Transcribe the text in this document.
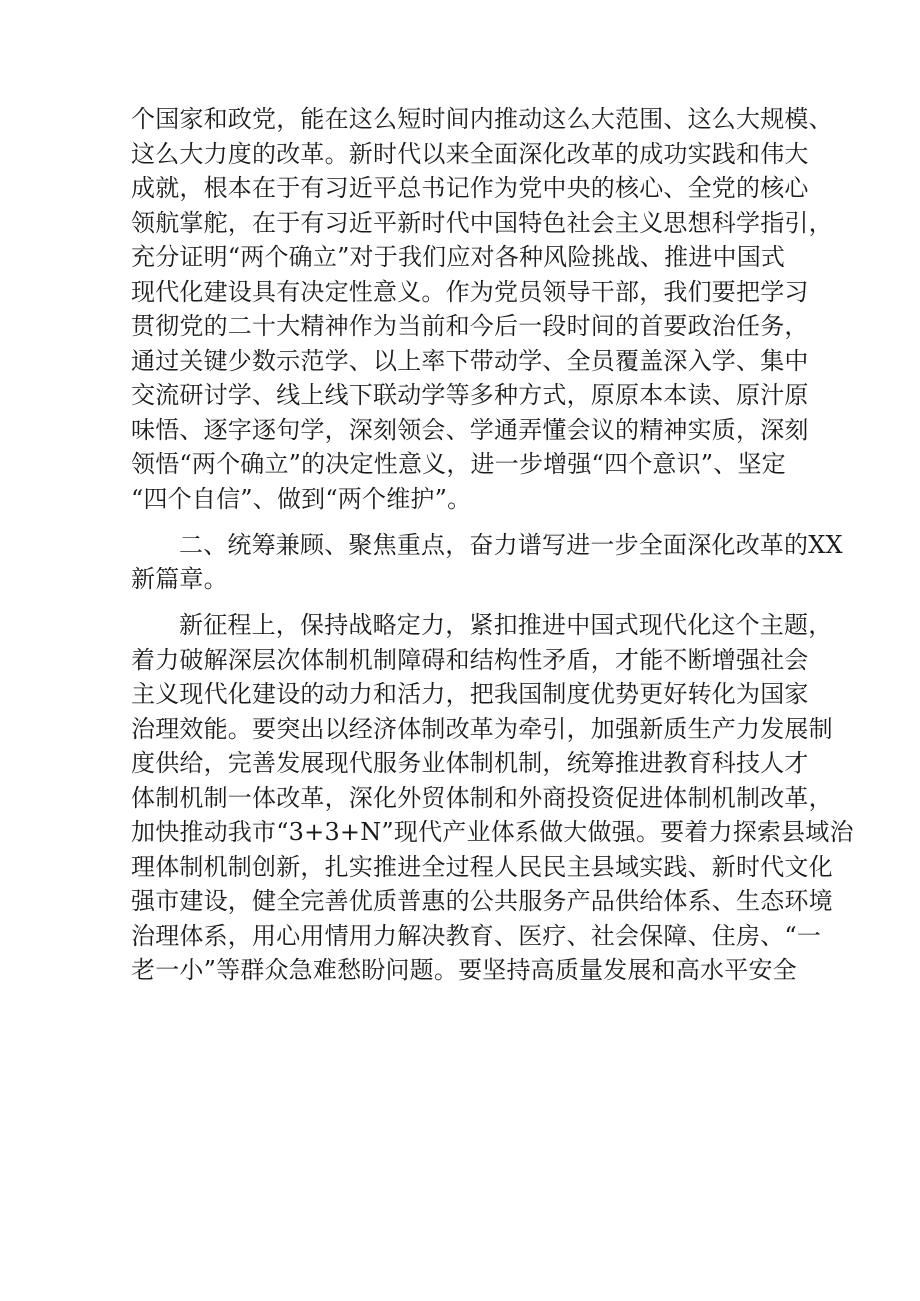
个国家和政党，能在这么短时间内推动这么大范围、这么大规模、
这么大力度的改革。新时代以来全面深化改革的成功实践和伟大
成就，根本在于有习近平总书记作为党中央的核心、全党的核心
领航掌舵，在于有习近平新时代中国特色社会主义思想科学指引，
充分证明“两个确立”对于我们应对各种风险挑战、推进中国式
现代化建设具有决定性意义。作为党员领导干部，我们要把学习
贯彻党的二十大精神作为当前和今后一段时间的首要政治任务，
通过关键少数示范学、以上率下带动学、全员覆盖深入学、集中
交流研讨学、线上线下联动学等多种方式，原原本本读、原汁原
味悟、逐字逐句学，深刻领会、学通弄懂会议的精神实质，深刻
领悟“两个确立”的决定性意义，进一步增强“四个意识”、坚定
“四个自信”、做到“两个维护”。

二、统筹兼顾、聚焦重点，奋力谱写进一步全面深化改革的XX
新篇章。

新征程上，保持战略定力，紧扣推进中国式现代化这个主题，
着力破解深层次体制机制障碍和结构性矛盾，才能不断增强社会
主义现代化建设的动力和活力，把我国制度优势更好转化为国家
治理效能。要突出以经济体制改革为牵引，加强新质生产力发展制
度供给，完善发展现代服务业体制机制，统筹推进教育科技人才
体制机制一体改革，深化外贸体制和外商投资促进体制机制改革，
加快推动我市“3+3+N”现代产业体系做大做强。要着力探索县域治
理体制机制创新，扎实推进全过程人民民主县域实践、新时代文化
强市建设，健全完善优质普惠的公共服务产品供给体系、生态环境
治理体系，用心用情用力解决教育、医疗、社会保障、住房、“一
老一小”等群众急难愁盼问题。要坚持高质量发展和高水平安全
